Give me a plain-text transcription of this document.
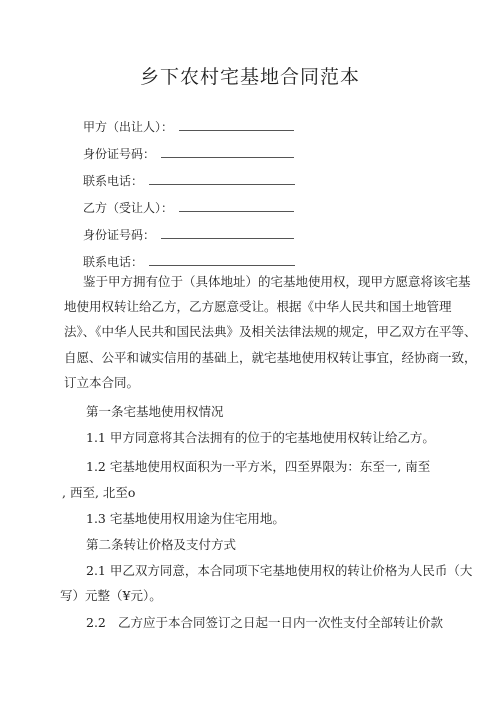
乡下农村宅基地合同范本
甲方（出让人）：
身份证号码：
联系电话：
乙方（受让人）：
身份证号码：
联系电话：
鉴于甲方拥有位于（具体地址）的宅基地使用权，现甲方愿意将该宅基
地使用权转让给乙方，乙方愿意受让。根据《中华人民共和国土地管理
法》、《中华人民共和国民法典》及相关法律法规的规定，甲乙双方在平等、
自愿、公平和诚实信用的基础上，就宅基地使用权转让事宜，经协商一致，
订立本合同。
第一条宅基地使用权情况
1.1 甲方同意将其合法拥有的位于的宅基地使用权转让给乙方。
1.2 宅基地使用权面积为一平方米，四至界限为：东至一, 南至
, 西至, 北至o
1.3 宅基地使用权用途为住宅用地。
第二条转让价格及支付方式
2.1 甲乙双方同意，本合同项下宅基地使用权的转让价格为人民币（大
写）元整（¥元）。
2.2 乙方应于本合同签订之日起一日内一次性支付全部转让价款
